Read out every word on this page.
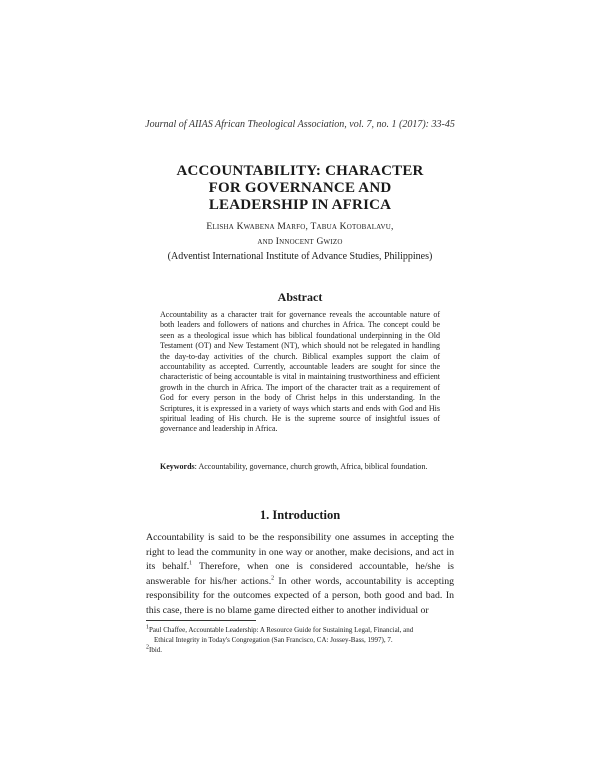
Journal of AIIAS African Theological Association, vol. 7, no. 1 (2017): 33-45
ACCOUNTABILITY: CHARACTER
FOR GOVERNANCE AND
LEADERSHIP IN AFRICA
Elisha Kwabena Marfo, Tabua Kotobalavu,
and Innocent Gwizo
(Adventist International Institute of Advance Studies, Philippines)
Abstract
Accountability as a character trait for governance reveals the accountable nature of both leaders and followers of nations and churches in Africa. The concept could be seen as a theological issue which has biblical foundational underpinning in the Old Testament (OT) and New Testament (NT), which should not be relegated in handling the day-to-day activities of the church. Biblical examples support the claim of accountability as accepted. Currently, accountable leaders are sought for since the characteristic of being accountable is vital in maintaining trustworthiness and efficient growth in the church in Africa. The import of the character trait as a requirement of God for every person in the body of Christ helps in this understanding. In the Scriptures, it is expressed in a variety of ways which starts and ends with God and His spiritual leading of His church. He is the supreme source of insightful issues of governance and leadership in Africa.
Keywords: Accountability, governance, church growth, Africa, biblical foundation.
1. Introduction
Accountability is said to be the responsibility one assumes in accepting the right to lead the community in one way or another, make decisions, and act in its behalf.$^1$ Therefore, when one is considered accountable, he/she is answerable for his/her actions.$^2$ In other words, accountability is accepting responsibility for the outcomes expected of a person, both good and bad. In this case, there is no blame game directed either to another individual or
$^1$Paul Chaffee, Accountable Leadership: A Resource Guide for Sustaining Legal, Financial, and
Ethical Integrity in Today's Congregation (San Francisco, CA: Jossey-Bass, 1997), 7.
$^2$Ibid.
